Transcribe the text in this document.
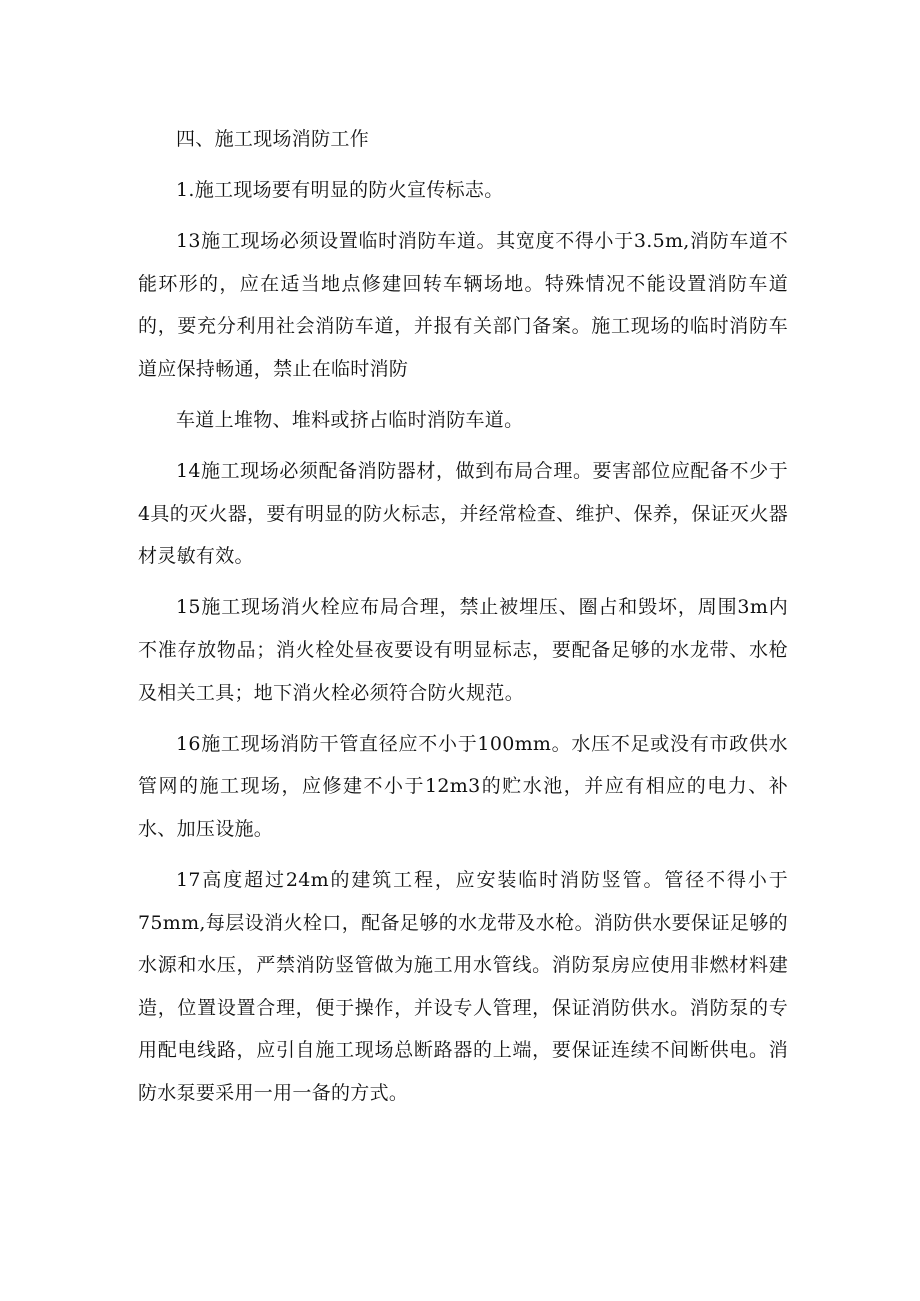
四、施工现场消防工作

1.施工现场要有明显的防火宣传标志。

13施工现场必须设置临时消防车道。其宽度不得小于3.5m,消防车道不能环形的，应在适当地点修建回转车辆场地。特殊情况不能设置消防车道的，要充分利用社会消防车道，并报有关部门备案。施工现场的临时消防车道应保持畅通，禁止在临时消防

车道上堆物、堆料或挤占临时消防车道。

14施工现场必须配备消防器材，做到布局合理。要害部位应配备不少于4具的灭火器，要有明显的防火标志，并经常检查、维护、保养，保证灭火器材灵敏有效。

15施工现场消火栓应布局合理，禁止被埋压、圈占和毁坏，周围3m内不准存放物品；消火栓处昼夜要设有明显标志，要配备足够的水龙带、水枪及相关工具；地下消火栓必须符合防火规范。

16施工现场消防干管直径应不小于100mm。水压不足或没有市政供水管网的施工现场，应修建不小于12m3的贮水池，并应有相应的电力、补水、加压设施。

17高度超过24m的建筑工程，应安装临时消防竖管。管径不得小于75mm,每层设消火栓口，配备足够的水龙带及水枪。消防供水要保证足够的水源和水压，严禁消防竖管做为施工用水管线。消防泵房应使用非燃材料建造，位置设置合理，便于操作，并设专人管理，保证消防供水。消防泵的专用配电线路，应引自施工现场总断路器的上端，要保证连续不间断供电。消防水泵要采用一用一备的方式。
